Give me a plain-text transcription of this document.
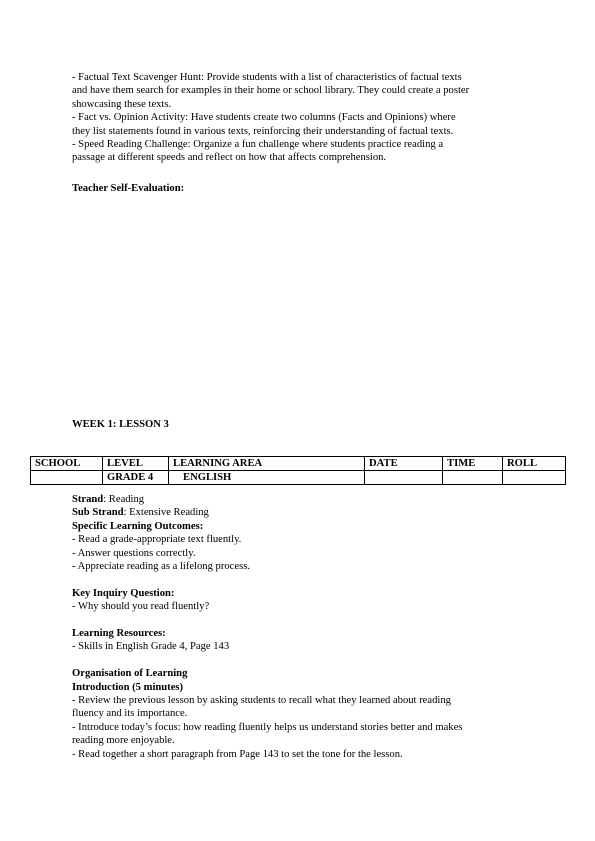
- Factual Text Scavenger Hunt: Provide students with a list of characteristics of factual texts
and have them search for examples in their home or school library. They could create a poster
showcasing these texts.
- Fact vs. Opinion Activity: Have students create two columns (Facts and Opinions) where
they list statements found in various texts, reinforcing their understanding of factual texts.
- Speed Reading Challenge: Organize a fun challenge where students practice reading a
passage at different speeds and reflect on how that affects comprehension.
Teacher Self-Evaluation:
WEEK 1: LESSON 3
SCHOOL	LEVEL	LEARNING AREA	DATE	TIME	ROLL
	GRADE 4	ENGLISH			
Strand: Reading
Sub Strand: Extensive Reading
Specific Learning Outcomes:
- Read a grade-appropriate text fluently.
- Answer questions correctly.
- Appreciate reading as a lifelong process.
Key Inquiry Question:
- Why should you read fluently?
Learning Resources:
- Skills in English Grade 4, Page 143
Organisation of Learning
Introduction (5 minutes)
- Review the previous lesson by asking students to recall what they learned about reading
fluency and its importance.
- Introduce today’s focus: how reading fluently helps us understand stories better and makes
reading more enjoyable.
- Read together a short paragraph from Page 143 to set the tone for the lesson.
